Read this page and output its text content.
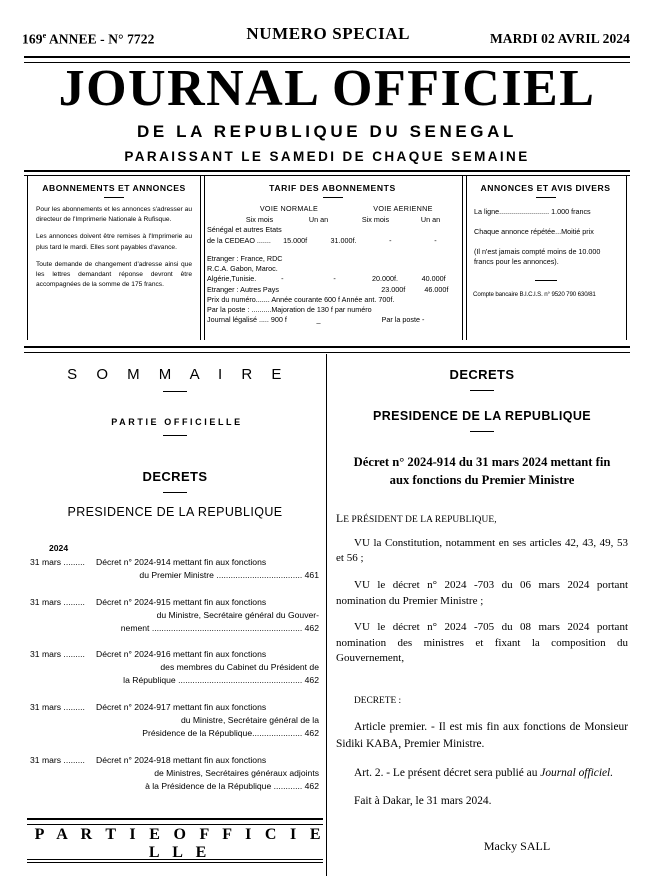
169e ANNEE - N° 7722	NUMERO SPECIAL	MARDI 02 AVRIL 2024
JOURNAL OFFICIEL
DE LA REPUBLIQUE DU SENEGAL
PARAISSANT LE SAMEDI DE CHAQUE SEMAINE
ABONNEMENTS ET ANNONCES
Pour les abonnements et les annonces s'adresser au directeur de l'Imprimerie Nationale à Rufisque.
Les annonces doivent être remises à l'Imprimerie au plus tard le mardi. Elles sont payables d'avance.
Toute demande de changement d'adresse ainsi que les lettres demandant réponse devront être accompagnées de la somme de 175 francs.
TARIF DES ABONNEMENTS
VOIE NORMALE	VOIE AERIENNE
Six mois	Un an	Six mois	Un an
Sénégal et autres Etats
de la CEDEAO .......	15.000f	31.000f.	-	-
Etranger : France, RDC
R.C.A. Gabon, Maroc.
Algérie,Tunisie.	-	-	20.000f.	40.000f
Etranger : Autres Pays	23.000f	46.000f
Prix du numéro....... Année courante 600 f Année ant. 700f.
Par la poste : ..........Majoration de 130 f par numéro
Journal légalisé ..... 900 f	_	Par la poste -
ANNONCES ET AVIS DIVERS
La ligne......................... 1.000 francs
Chaque annonce répétée...Moitié prix
(Il n'est jamais compté moins de 10.000 francs pour les annonces).
Compte bancaire B.I.C.I.S. n° 9520 790 630/81
S O M M A I R E
PARTIE OFFICIELLE
DECRETS
PRESIDENCE DE LA REPUBLIQUE
2024
31 mars .........	Décret n° 2024-914 mettant fin aux fonctions
du Premier Ministre .................................... 461
31 mars .........	Décret n° 2024-915 mettant fin aux fonctions
du Ministre, Secrétaire général du Gouver-
nement ............................................................... 462
31 mars .........	Décret n° 2024-916 mettant fin aux fonctions
des membres du Cabinet du Président de
la République .................................................... 462
31 mars .........	Décret n° 2024-917 mettant fin aux fonctions
du Ministre, Secrétaire général de la
Présidence de la République..................... 462
31 mars .........	Décret n° 2024-918 mettant fin aux fonctions
de Ministres, Secrétaires généraux adjoints
à la Présidence de la République ............ 462
P A R T I E O F F I C I E L L E
DECRETS
PRESIDENCE DE LA REPUBLIQUE
Décret n° 2024-914 du 31 mars 2024 mettant fin
aux fonctions du Premier Ministre
LE PRÉSIDENT DE LA REPUBLIQUE,
VU la Constitution, notamment en ses articles 42, 43, 49, 53 et 56 ;
VU le décret n° 2024 -703 du 06 mars 2024 portant nomination du Premier Ministre ;
VU le décret n° 2024 -705 du 08 mars 2024 portant nomination des ministres et fixant la composition du Gouvernement,
DECRETE :
Article premier. - Il est mis fin aux fonctions de Monsieur Sidiki KABA, Premier Ministre.
Art. 2. - Le présent décret sera publié au Journal officiel.
Fait à Dakar, le 31 mars 2024.
Macky SALL
